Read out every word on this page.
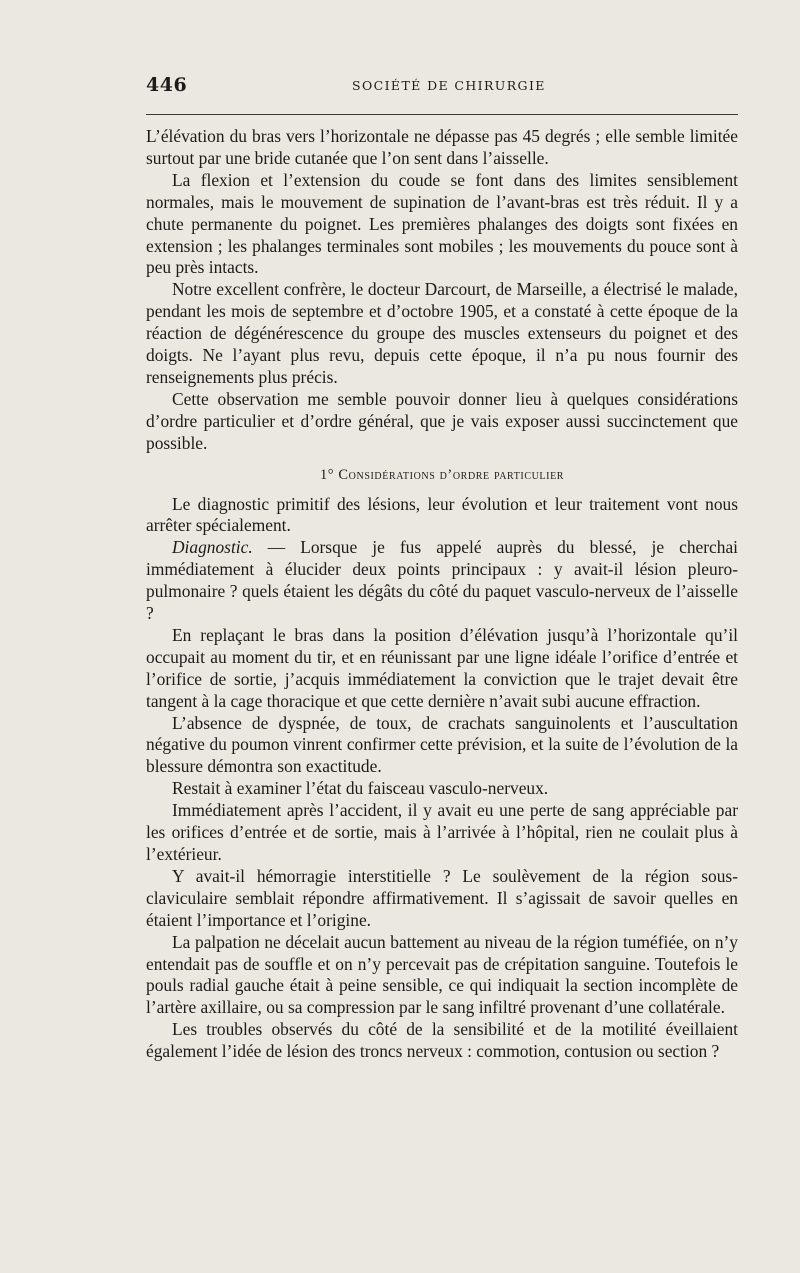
446	SOCIÉTÉ DE CHIRURGIE

L’élévation du bras vers l’horizontale ne dépasse pas 45 degrés ; elle semble limitée surtout par une bride cutanée que l’on sent dans l’aisselle.

La flexion et l’extension du coude se font dans des limites sensiblement normales, mais le mouvement de supination de l’avant-bras est très réduit. Il y a chute permanente du poignet. Les premières phalanges des doigts sont fixées en extension ; les phalanges terminales sont mobiles ; les mouvements du pouce sont à peu près intacts.

Notre excellent confrère, le docteur Darcourt, de Marseille, a électrisé le malade, pendant les mois de septembre et d’octobre 1905, et a constaté à cette époque de la réaction de dégénérescence du groupe des muscles extenseurs du poignet et des doigts. Ne l’ayant plus revu, depuis cette époque, il n’a pu nous fournir des renseignements plus précis.

Cette observation me semble pouvoir donner lieu à quelques considérations d’ordre particulier et d’ordre général, que je vais exposer aussi succinctement que possible.

1° Considérations d’ordre particulier

Le diagnostic primitif des lésions, leur évolution et leur traitement vont nous arrêter spécialement.

Diagnostic. — Lorsque je fus appelé auprès du blessé, je cherchai immédiatement à élucider deux points principaux : y avait-il lésion pleuro-pulmonaire ? quels étaient les dégâts du côté du paquet vasculo-nerveux de l’aisselle ?

En replaçant le bras dans la position d’élévation jusqu’à l’horizontale qu’il occupait au moment du tir, et en réunissant par une ligne idéale l’orifice d’entrée et l’orifice de sortie, j’acquis immédiatement la conviction que le trajet devait être tangent à la cage thoracique et que cette dernière n’avait subi aucune effraction.

L’absence de dyspnée, de toux, de crachats sanguinolents et l’auscultation négative du poumon vinrent confirmer cette prévision, et la suite de l’évolution de la blessure démontra son exactitude.

Restait à examiner l’état du faisceau vasculo-nerveux.

Immédiatement après l’accident, il y avait eu une perte de sang appréciable par les orifices d’entrée et de sortie, mais à l’arrivée à l’hôpital, rien ne coulait plus à l’extérieur.

Y avait-il hémorragie interstitielle ? Le soulèvement de la région sous-claviculaire semblait répondre affirmativement. Il s’agissait de savoir quelles en étaient l’importance et l’origine.

La palpation ne décelait aucun battement au niveau de la région tuméfiée, on n’y entendait pas de souffle et on n’y percevait pas de crépitation sanguine. Toutefois le pouls radial gauche était à peine sensible, ce qui indiquait la section incomplète de l’artère axillaire, ou sa compression par le sang infiltré provenant d’une collatérale.

Les troubles observés du côté de la sensibilité et de la motilité éveillaient également l’idée de lésion des troncs nerveux : commotion, contusion ou section ?
